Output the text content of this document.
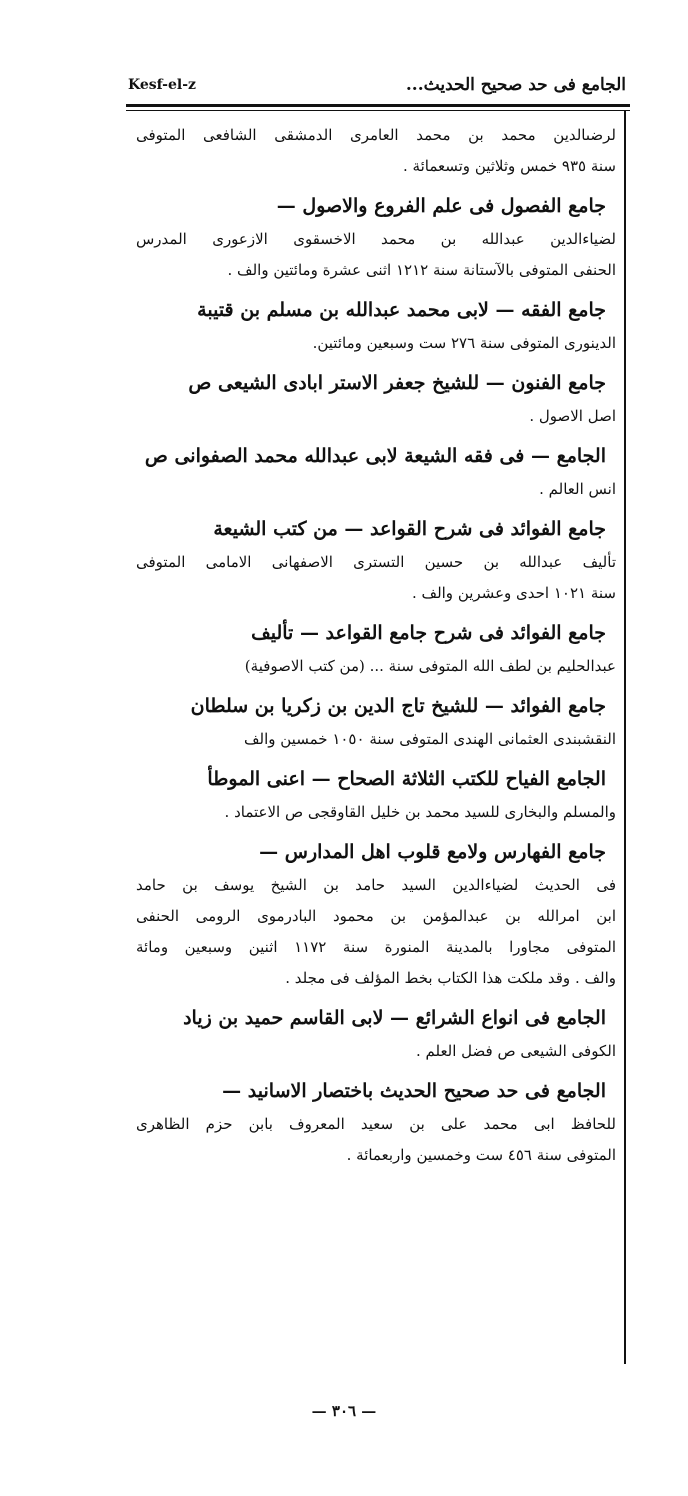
Kesf-el-z	الجامع فى حد صحيح الحديث...
لرضىالدين محمد بن محمد العامرى الدمشقى الشافعى المتوفى
سنة ٩٣٥ خمس وثلاثين وتسعمائة .
جامع الفصول فى علم الفروع والاصول —
لضياءالدين عبدالله بن محمد الاخسقوى الازعورى المدرس
الحنفى المتوفى بالآستانة سنة ١٢١٢ اثنى عشرة ومائتين والف .
جامع الفقه — لابى محمد عبدالله بن مسلم بن قتيبة
الدينورى المتوفى سنة ٢٧٦ ست وسبعين ومائتين.
جامع الفنون — للشيخ جعفر الاستر ابادى الشيعى ص
اصل الاصول .
الجامع — فى فقه الشيعة لابى عبدالله محمد الصفوانى ص
انس العالم .
جامع الفوائد فى شرح القواعد — من كتب الشيعة
تأليف عبدالله بن حسين التسترى الاصفهانى الامامى المتوفى
سنة ١٠٢١ احدى وعشرين والف .
جامع الفوائد فى شرح جامع القواعد — تأليف
عبدالحليم بن لطف الله المتوفى سنة ... (من كتب الاصوفية)
جامع الفوائد — للشيخ تاج الدين بن زكريا بن سلطان
النقشبندى العثمانى الهندى المتوفى سنة ١٠٥٠ خمسين والف
الجامع الفياح للكتب الثلاثة الصحاح — اعنى الموطأ
والمسلم والبخارى للسيد محمد بن خليل القاوقجى ص الاعتماد .
جامع الفهارس ولامع قلوب اهل المدارس —
فى الحديث لضياءالدين السيد حامد بن الشيخ يوسف بن حامد
ابن امرالله بن عبدالمؤمن بن محمود البادرموى الرومى الحنفى
المتوفى مجاورا بالمدينة المنورة سنة ١١٧٢ اثنين وسبعين ومائة
والف . وقد ملكت هذا الكتاب بخط المؤلف فى مجلد .
الجامع فى انواع الشرائع — لابى القاسم حميد بن زياد
الكوفى الشيعى ص فضل العلم .
الجامع فى حد صحيح الحديث باختصار الاسانيد —
للحافظ ابى محمد على بن سعيد المعروف بابن حزم الظاهرى
المتوفى سنة ٤٥٦ ست وخمسين واربعمائة .
— ٣٠٦ —
